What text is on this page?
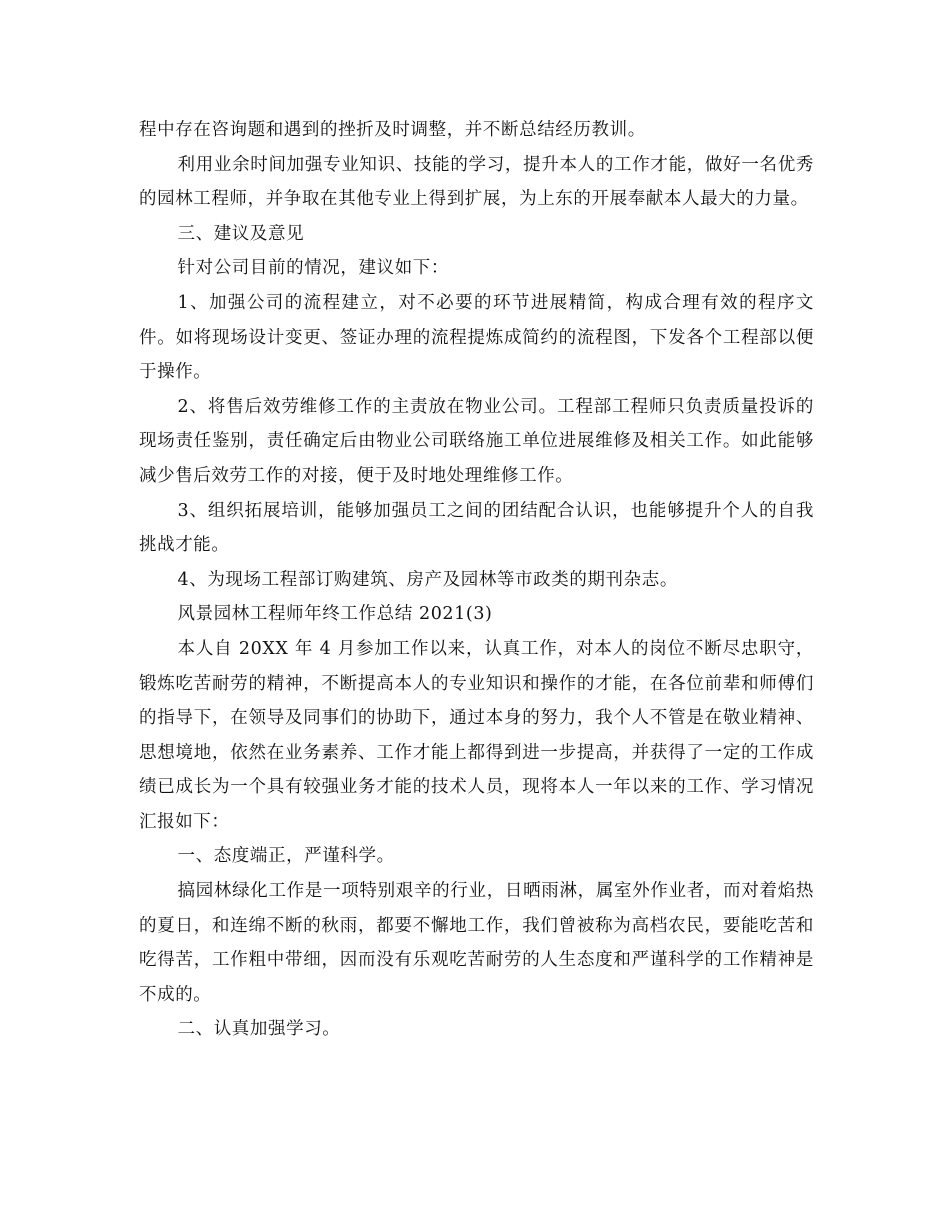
程中存在咨询题和遇到的挫折及时调整，并不断总结经历教训。

利用业余时间加强专业知识、技能的学习，提升本人的工作才能，做好一名优秀的园林工程师，并争取在其他专业上得到扩展，为上东的开展奉献本人最大的力量。

三、建议及意见

针对公司目前的情况，建议如下：

1、加强公司的流程建立，对不必要的环节进展精简，构成合理有效的程序文件。如将现场设计变更、签证办理的流程提炼成简约的流程图，下发各个工程部以便于操作。

2、将售后效劳维修工作的主责放在物业公司。工程部工程师只负责质量投诉的现场责任鉴别，责任确定后由物业公司联络施工单位进展维修及相关工作。如此能够减少售后效劳工作的对接，便于及时地处理维修工作。

3、组织拓展培训，能够加强员工之间的团结配合认识，也能够提升个人的自我挑战才能。

4、为现场工程部订购建筑、房产及园林等市政类的期刊杂志。

风景园林工程师年终工作总结 2021(3)

本人自 20XX 年 4 月参加工作以来，认真工作，对本人的岗位不断尽忠职守，锻炼吃苦耐劳的精神，不断提高本人的专业知识和操作的才能，在各位前辈和师傅们的指导下，在领导及同事们的协助下，通过本身的努力，我个人不管是在敬业精神、思想境地，依然在业务素养、工作才能上都得到进一步提高，并获得了一定的工作成绩已成长为一个具有较强业务才能的技术人员，现将本人一年以来的工作、学习情况汇报如下：

一、态度端正，严谨科学。

搞园林绿化工作是一项特别艰辛的行业，日晒雨淋，属室外作业者，而对着焰热的夏日，和连绵不断的秋雨，都要不懈地工作，我们曾被称为高档农民，要能吃苦和吃得苦，工作粗中带细，因而没有乐观吃苦耐劳的人生态度和严谨科学的工作精神是不成的。

二、认真加强学习。
